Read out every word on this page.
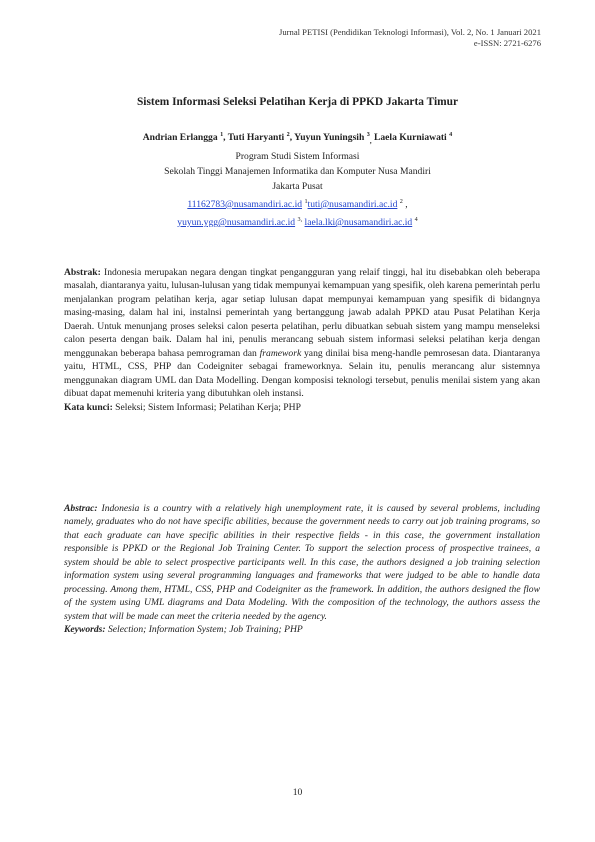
Jurnal PETISI (Pendidikan Teknologi Informasi), Vol. 2, No. 1 Januari 2021
e-ISSN: 2721-6276
Sistem Informasi Seleksi Pelatihan Kerja di PPKD Jakarta Timur
Andrian Erlangga $^1$, Tuti Haryanti $^2$, Yuyun Yuningsih $^3_,$ Laela Kurniawati $^4$
Program Studi Sistem Informasi
Sekolah Tinggi Manajemen Informatika dan Komputer Nusa Mandiri
Jakarta Pusat
11162783@nusamandiri.ac.id $^1$tuti@nusamandiri.ac.id $^2$ ,
yuyun.ygg@nusamandiri.ac.id $^{3,}$ laela.lki@nusamandiri.ac.id $^4$

Abstrak: Indonesia merupakan negara dengan tingkat pengangguran yang relaif tinggi, hal itu disebabkan oleh beberapa masalah, diantaranya yaitu, lulusan-lulusan yang tidak mempunyai kemampuan yang spesifik, oleh karena pemerintah perlu menjalankan program pelatihan kerja, agar setiap lulusan dapat mempunyai kemampuan yang spesifik di bidangnya masing-masing, dalam hal ini, instalnsi pemerintah yang bertanggung jawab adalah PPKD atau Pusat Pelatihan Kerja Daerah. Untuk menunjang proses seleksi calon peserta pelatihan, perlu dibuatkan sebuah sistem yang mampu menseleksi calon peserta dengan baik. Dalam hal ini, penulis merancang sebuah sistem informasi seleksi pelatihan kerja dengan menggunakan beberapa bahasa pemrograman dan framework yang dinilai bisa meng-handle pemrosesan data. Diantaranya yaitu, HTML, CSS, PHP dan Codeigniter sebagai frameworknya. Selain itu, penulis merancang alur sistemnya menggunakan diagram UML dan Data Modelling. Dengan komposisi teknologi tersebut, penulis menilai sistem yang akan dibuat dapat memenuhi kriteria yang dibutuhkan oleh instansi.

Kata kunci: Seleksi; Sistem Informasi; Pelatihan Kerja; PHP

Abstrac: Indonesia is a country with a relatively high unemployment rate, it is caused by several problems, including namely, graduates who do not have specific abilities, because the government needs to carry out job training programs, so that each graduate can have specific abilities in their respective fields - in this case, the government installation responsible is PPKD or the Regional Job Training Center. To support the selection process of prospective trainees, a system should be able to select prospective participants well. In this case, the authors designed a job training selection information system using several programming languages and frameworks that were judged to be able to handle data processing. Among them, HTML, CSS, PHP and Codeigniter as the framework. In addition, the authors designed the flow of the system using UML diagrams and Data Modeling. With the composition of the technology, the authors assess the system that will be made can meet the criteria needed by the agency.

Keywords: Selection; Information System; Job Training; PHP

10
